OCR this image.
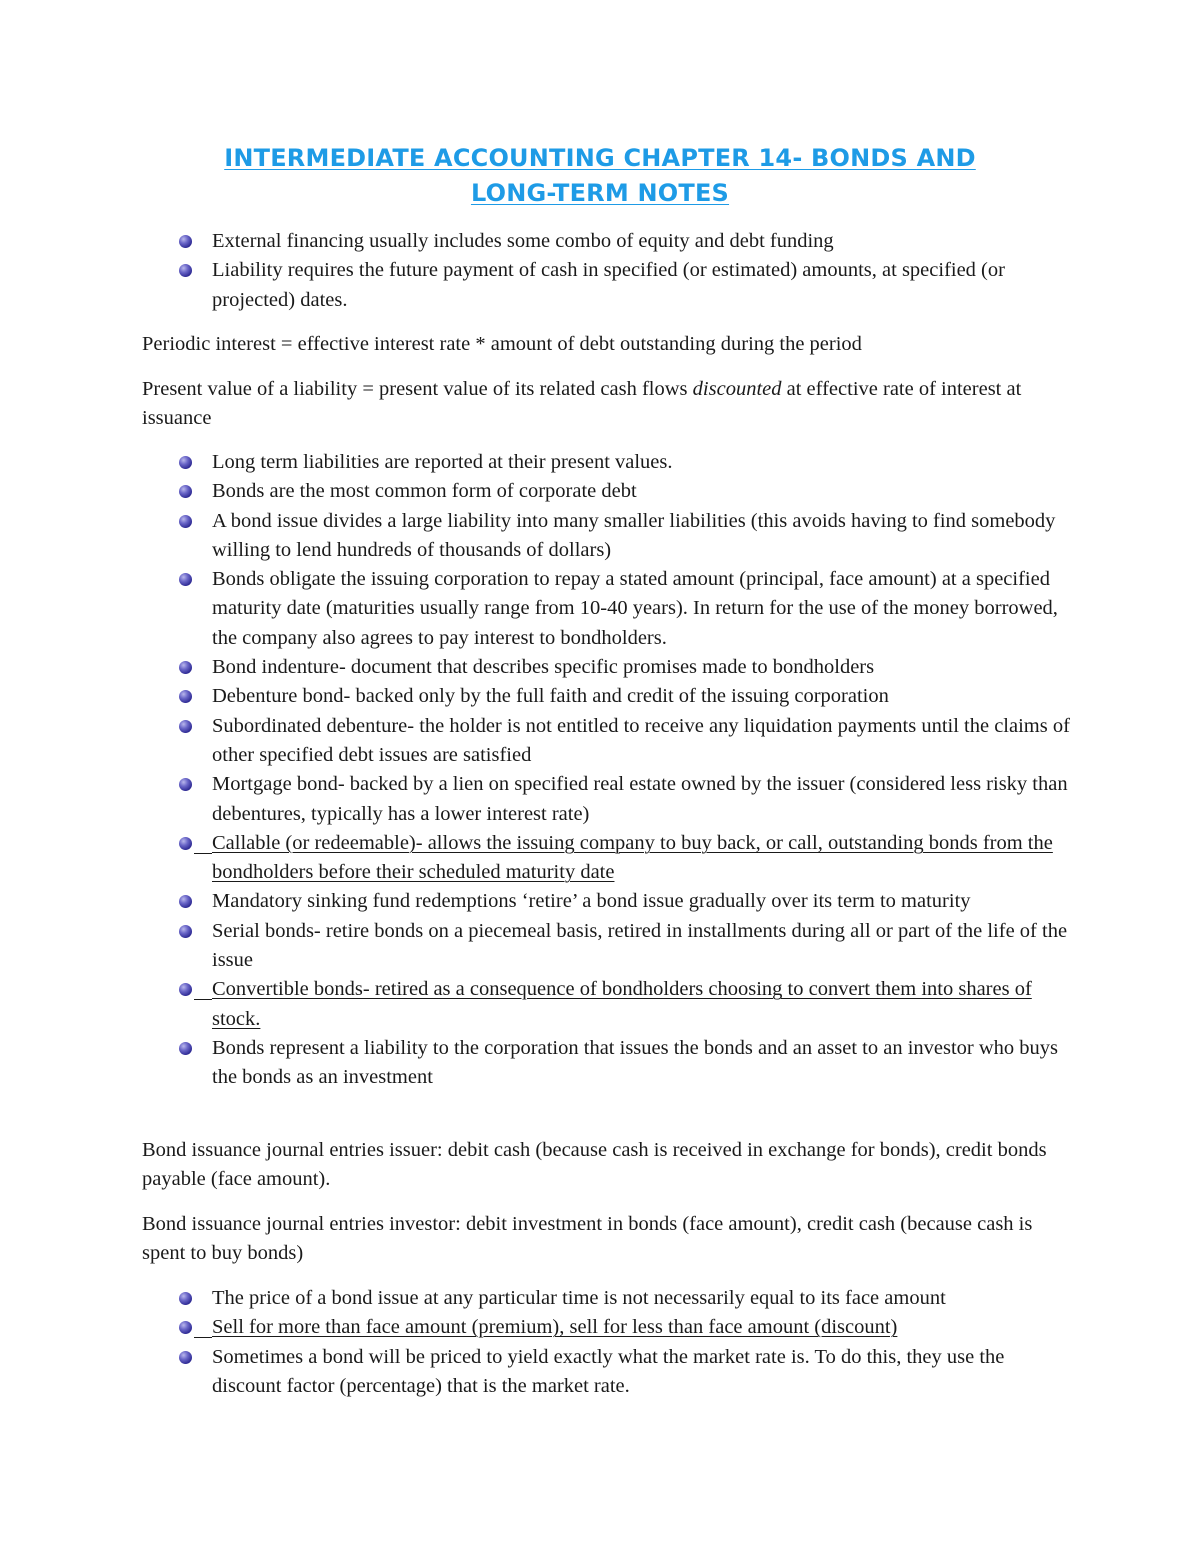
INTERMEDIATE ACCOUNTING CHAPTER 14- BONDS AND
LONG-TERM NOTES
External financing usually includes some combo of equity and debt funding
Liability requires the future payment of cash in specified (or estimated) amounts, at specified (or projected) dates.

Periodic interest = effective interest rate * amount of debt outstanding during the period

Present value of a liability = present value of its related cash flows discounted at effective rate of interest at issuance

Long term liabilities are reported at their present values.
Bonds are the most common form of corporate debt
A bond issue divides a large liability into many smaller liabilities (this avoids having to find somebody willing to lend hundreds of thousands of dollars)
Bonds obligate the issuing corporation to repay a stated amount (principal, face amount) at a specified maturity date (maturities usually range from 10-40 years). In return for the use of the money borrowed, the company also agrees to pay interest to bondholders.
Bond indenture- document that describes specific promises made to bondholders
Debenture bond- backed only by the full faith and credit of the issuing corporation
Subordinated debenture- the holder is not entitled to receive any liquidation payments until the claims of other specified debt issues are satisfied
Mortgage bond- backed by a lien on specified real estate owned by the issuer (considered less risky than debentures, typically has a lower interest rate)
Callable (or redeemable)- allows the issuing company to buy back, or call, outstanding bonds from the bondholders before their scheduled maturity date
Mandatory sinking fund redemptions ‘retire’ a bond issue gradually over its term to maturity
Serial bonds- retire bonds on a piecemeal basis, retired in installments during all or part of the life of the issue
Convertible bonds- retired as a consequence of bondholders choosing to convert them into shares of stock.
Bonds represent a liability to the corporation that issues the bonds and an asset to an investor who buys the bonds as an investment

Bond issuance journal entries issuer: debit cash (because cash is received in exchange for bonds), credit bonds payable (face amount).

Bond issuance journal entries investor: debit investment in bonds (face amount), credit cash (because cash is spent to buy bonds)

The price of a bond issue at any particular time is not necessarily equal to its face amount
Sell for more than face amount (premium), sell for less than face amount (discount)
Sometimes a bond will be priced to yield exactly what the market rate is. To do this, they use the discount factor (percentage) that is the market rate.
